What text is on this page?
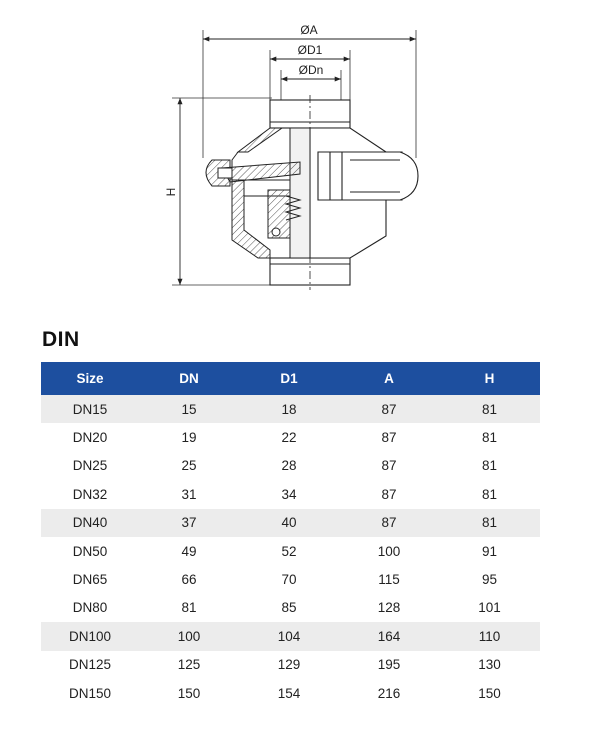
ØA
ØD1
ØDn
H
DIN
Size	DN	D1	A	H
DN15	15	18	87	81
DN20	19	22	87	81
DN25	25	28	87	81
DN32	31	34	87	81
DN40	37	40	87	81
DN50	49	52	100	91
DN65	66	70	115	95
DN80	81	85	128	101
DN100	100	104	164	110
DN125	125	129	195	130
DN150	150	154	216	150
